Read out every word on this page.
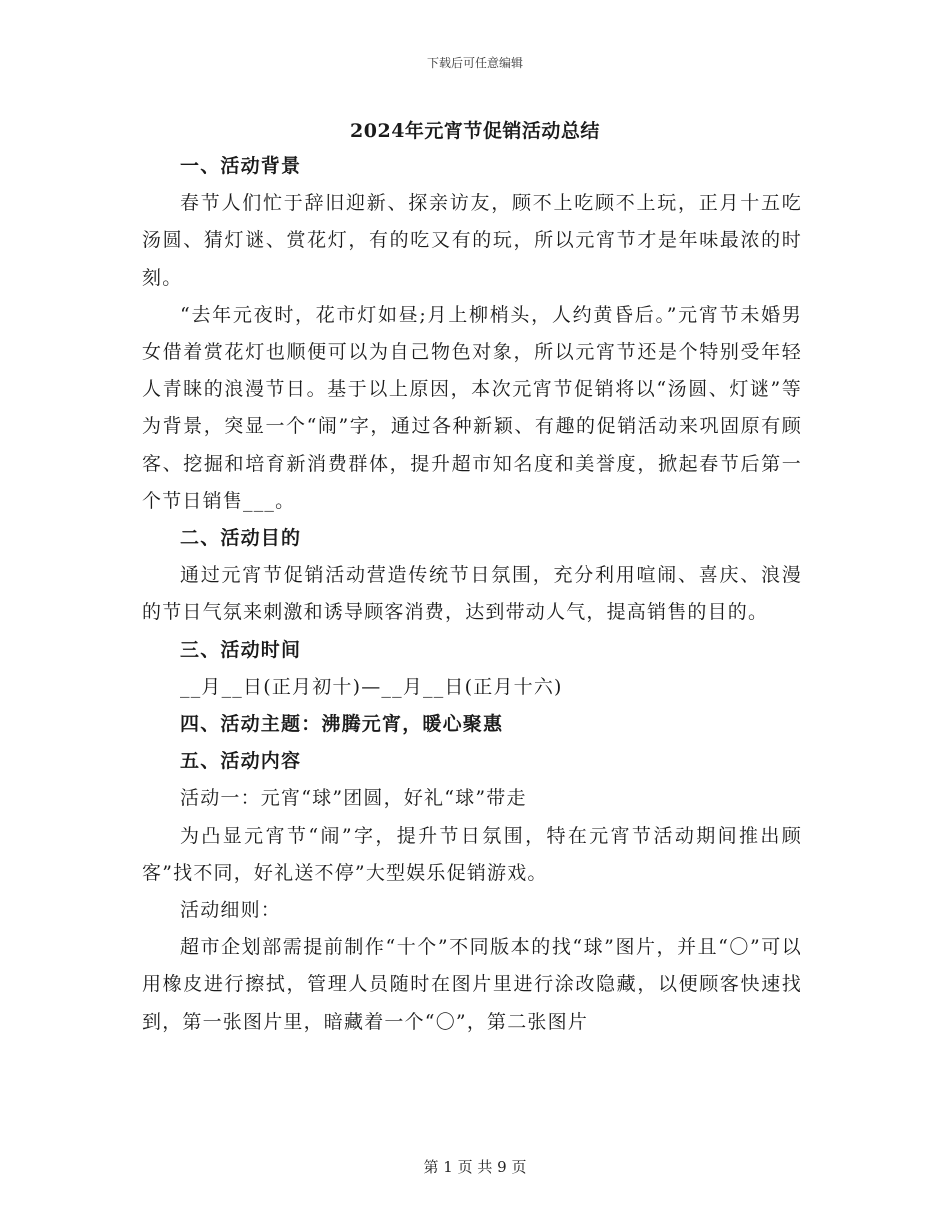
下载后可任意编辑
2024年元宵节促销活动总结

一、活动背景

春节人们忙于辞旧迎新、探亲访友，顾不上吃顾不上玩，正月十五吃汤圆、猜灯谜、赏花灯，有的吃又有的玩，所以元宵节才是年味最浓的时刻。

“去年元夜时，花市灯如昼;月上柳梢头，人约黄昏后。”元宵节未婚男女借着赏花灯也顺便可以为自己物色对象，所以元宵节还是个特别受年轻人青睐的浪漫节日。基于以上原因，本次元宵节促销将以“汤圆、灯谜”等为背景，突显一个“闹”字，通过各种新颖、有趣的促销活动来巩固原有顾客、挖掘和培育新消费群体，提升超市知名度和美誉度，掀起春节后第一个节日销售___。

二、活动目的

通过元宵节促销活动营造传统节日氛围，充分利用喧闹、喜庆、浪漫的节日气氛来刺激和诱导顾客消费，达到带动人气，提高销售的目的。

三、活动时间

__月__日(正月初十)—__月__日(正月十六)

四、活动主题：沸腾元宵，暖心聚惠

五、活动内容

活动一：元宵“球”团圆，好礼“球”带走

为凸显元宵节“闹”字，提升节日氛围，特在元宵节活动期间推出顾客”找不同，好礼送不停”大型娱乐促销游戏。

活动细则：

超市企划部需提前制作“十个”不同版本的找“球”图片，并且“〇”可以用橡皮进行擦拭，管理人员随时在图片里进行涂改隐藏，以便顾客快速找到，第一张图片里，暗藏着一个“〇”，第二张图片

第 1 页 共 9 页
